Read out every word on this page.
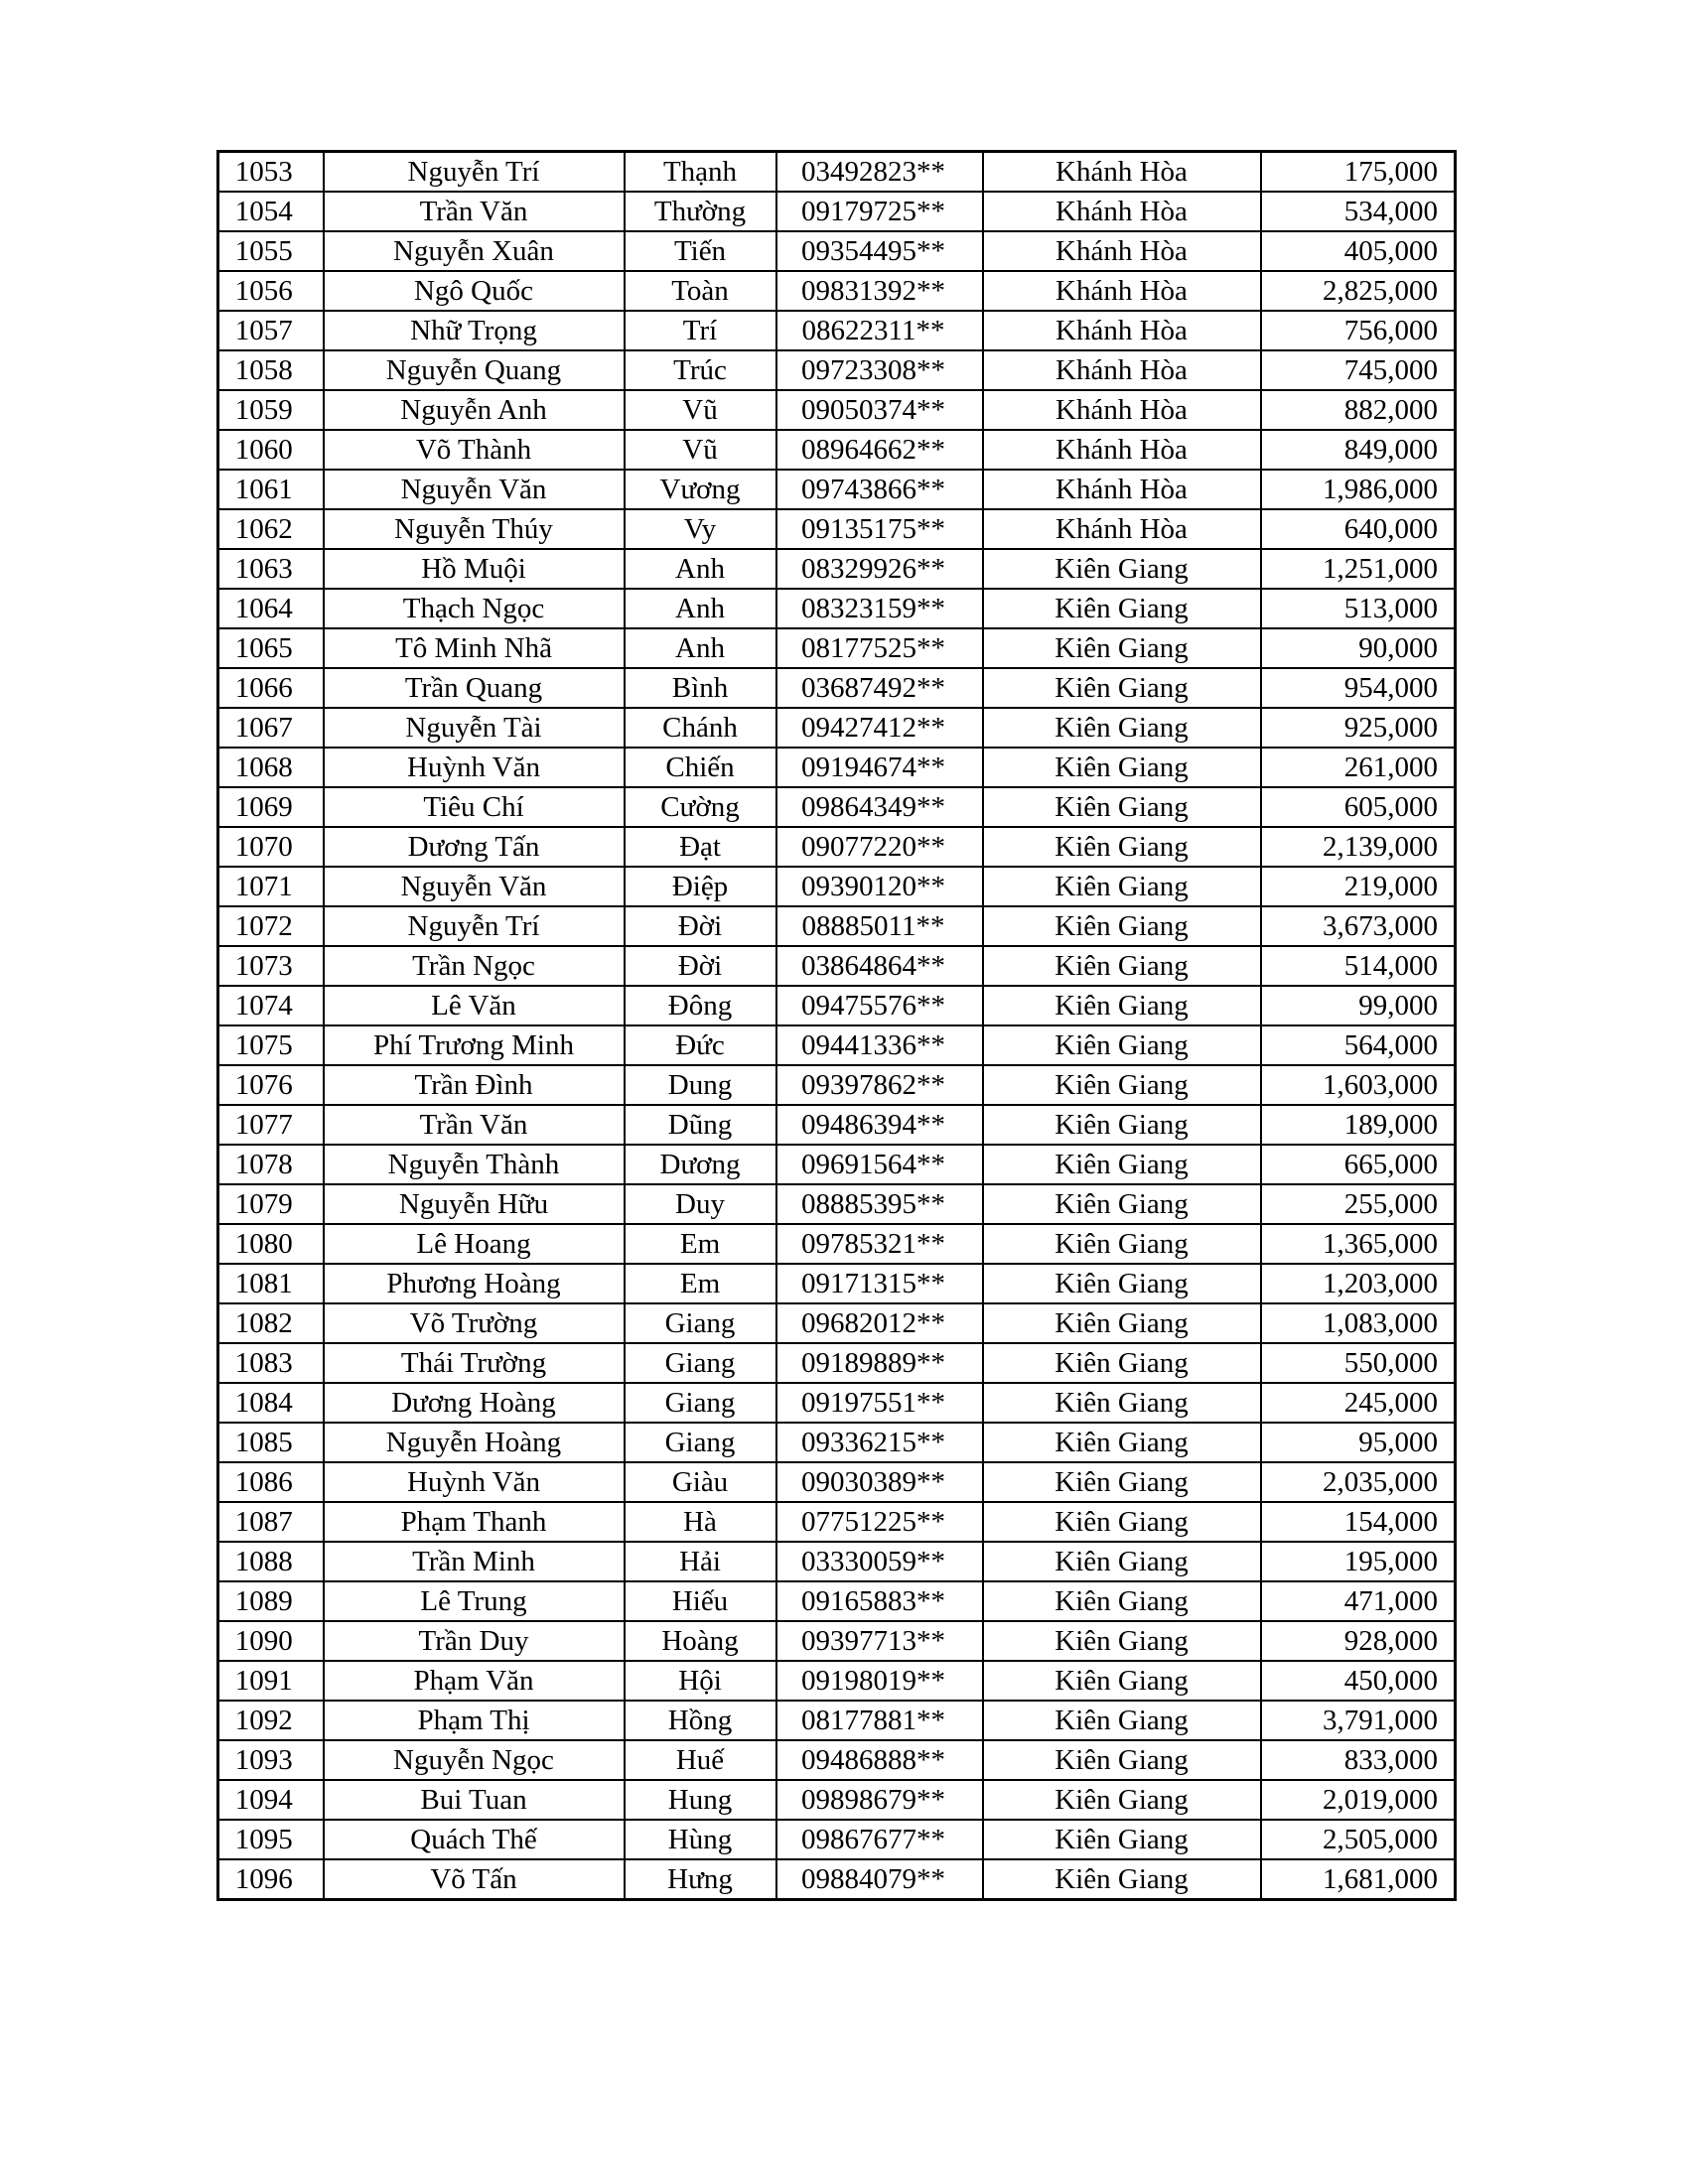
1053	Nguyễn Trí	Thạnh	03492823**	Khánh Hòa	175,000
1054	Trần Văn	Thường	09179725**	Khánh Hòa	534,000
1055	Nguyễn Xuân	Tiến	09354495**	Khánh Hòa	405,000
1056	Ngô Quốc	Toàn	09831392**	Khánh Hòa	2,825,000
1057	Nhữ Trọng	Trí	08622311**	Khánh Hòa	756,000
1058	Nguyễn Quang	Trúc	09723308**	Khánh Hòa	745,000
1059	Nguyễn Anh	Vũ	09050374**	Khánh Hòa	882,000
1060	Võ Thành	Vũ	08964662**	Khánh Hòa	849,000
1061	Nguyễn Văn	Vương	09743866**	Khánh Hòa	1,986,000
1062	Nguyễn Thúy	Vy	09135175**	Khánh Hòa	640,000
1063	Hồ Muội	Anh	08329926**	Kiên Giang	1,251,000
1064	Thạch Ngọc	Anh	08323159**	Kiên Giang	513,000
1065	Tô Minh Nhã	Anh	08177525**	Kiên Giang	90,000
1066	Trần Quang	Bình	03687492**	Kiên Giang	954,000
1067	Nguyễn Tài	Chánh	09427412**	Kiên Giang	925,000
1068	Huỳnh Văn	Chiến	09194674**	Kiên Giang	261,000
1069	Tiêu Chí	Cường	09864349**	Kiên Giang	605,000
1070	Dương Tấn	Đạt	09077220**	Kiên Giang	2,139,000
1071	Nguyễn Văn	Điệp	09390120**	Kiên Giang	219,000
1072	Nguyễn Trí	Đời	08885011**	Kiên Giang	3,673,000
1073	Trần Ngọc	Đời	03864864**	Kiên Giang	514,000
1074	Lê Văn	Đông	09475576**	Kiên Giang	99,000
1075	Phí Trương Minh	Đức	09441336**	Kiên Giang	564,000
1076	Trần Đình	Dung	09397862**	Kiên Giang	1,603,000
1077	Trần Văn	Dũng	09486394**	Kiên Giang	189,000
1078	Nguyễn Thành	Dương	09691564**	Kiên Giang	665,000
1079	Nguyễn Hữu	Duy	08885395**	Kiên Giang	255,000
1080	Lê Hoang	Em	09785321**	Kiên Giang	1,365,000
1081	Phương Hoàng	Em	09171315**	Kiên Giang	1,203,000
1082	Võ Trường	Giang	09682012**	Kiên Giang	1,083,000
1083	Thái Trường	Giang	09189889**	Kiên Giang	550,000
1084	Dương Hoàng	Giang	09197551**	Kiên Giang	245,000
1085	Nguyễn Hoàng	Giang	09336215**	Kiên Giang	95,000
1086	Huỳnh Văn	Giàu	09030389**	Kiên Giang	2,035,000
1087	Phạm Thanh	Hà	07751225**	Kiên Giang	154,000
1088	Trần Minh	Hải	03330059**	Kiên Giang	195,000
1089	Lê Trung	Hiếu	09165883**	Kiên Giang	471,000
1090	Trần Duy	Hoàng	09397713**	Kiên Giang	928,000
1091	Phạm Văn	Hội	09198019**	Kiên Giang	450,000
1092	Phạm Thị	Hồng	08177881**	Kiên Giang	3,791,000
1093	Nguyễn Ngọc	Huế	09486888**	Kiên Giang	833,000
1094	Bui Tuan	Hung	09898679**	Kiên Giang	2,019,000
1095	Quách Thế	Hùng	09867677**	Kiên Giang	2,505,000
1096	Võ Tấn	Hưng	09884079**	Kiên Giang	1,681,000
